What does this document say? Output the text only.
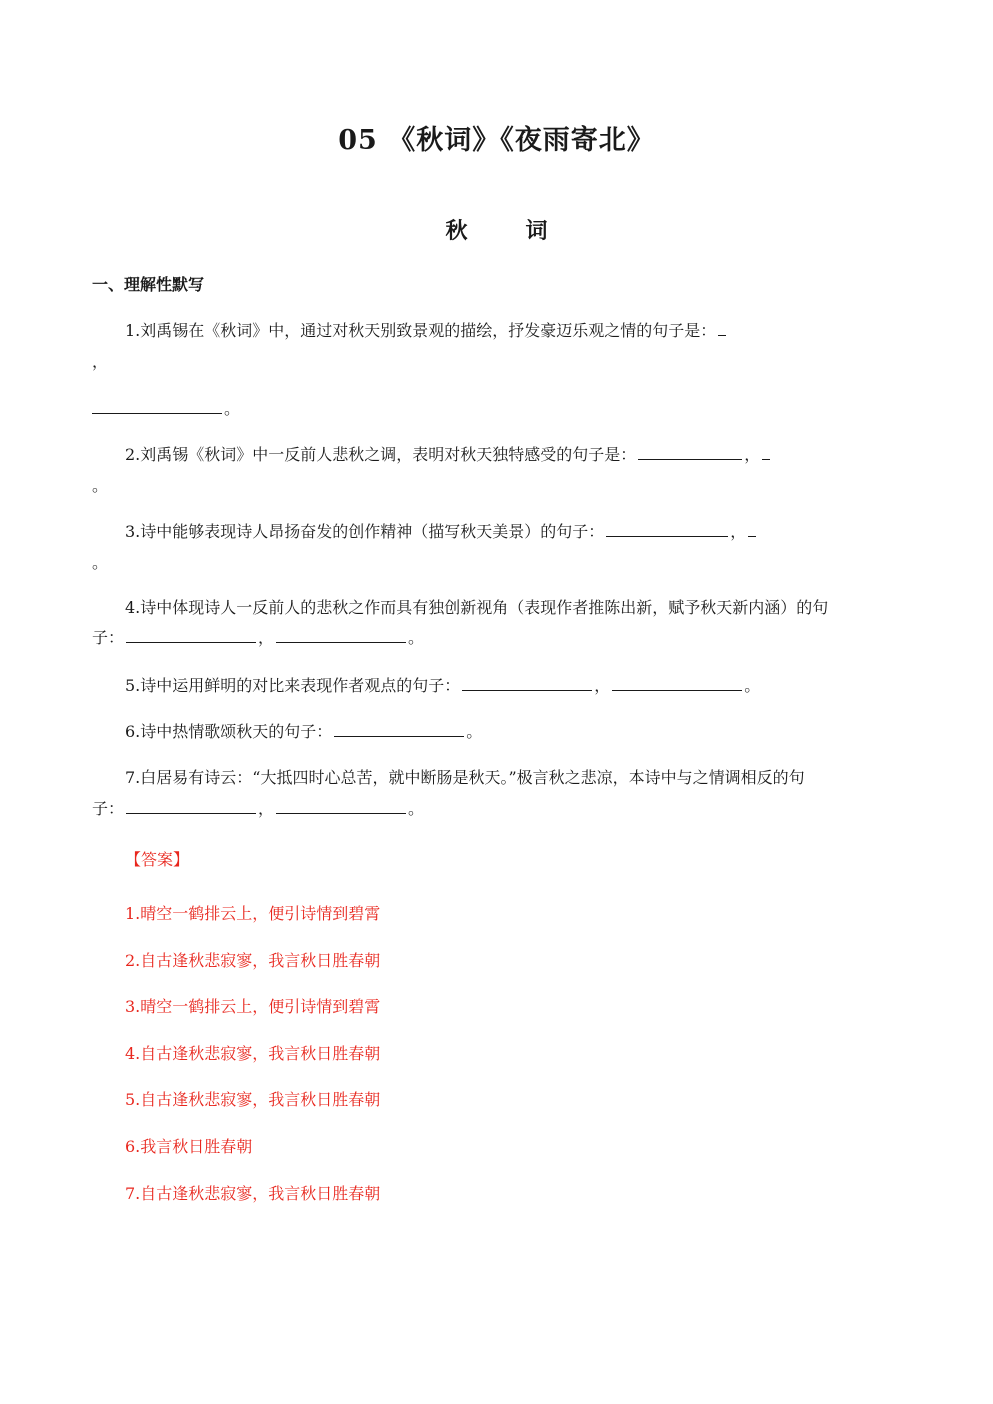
05 《秋词》《夜雨寄北》
秋　词
一、理解性默写
1.刘禹锡在《秋词》中，通过对秋天别致景观的描绘，抒发豪迈乐观之情的句子是：
，
。
2.刘禹锡《秋词》中一反前人悲秋之调，表明对秋天独特感受的句子是：	，
。
3.诗中能够表现诗人昂扬奋发的创作精神（描写秋天美景）的句子：	，
。
4.诗中体现诗人一反前人的悲秋之作而具有独创新视角（表现作者推陈出新，赋予秋天新内涵）的句
子：	，	。
5.诗中运用鲜明的对比来表现作者观点的句子：	，	。
6.诗中热情歌颂秋天的句子：	。
7.白居易有诗云：“大抵四时心总苦，就中断肠是秋天。”极言秋之悲凉，本诗中与之情调相反的句
子：	，	。
【答案】
1.晴空一鹤排云上，便引诗情到碧霄
2.自古逢秋悲寂寥，我言秋日胜春朝
3.晴空一鹤排云上，便引诗情到碧霄
4.自古逢秋悲寂寥，我言秋日胜春朝
5.自古逢秋悲寂寥，我言秋日胜春朝
6.我言秋日胜春朝
7.自古逢秋悲寂寥，我言秋日胜春朝
